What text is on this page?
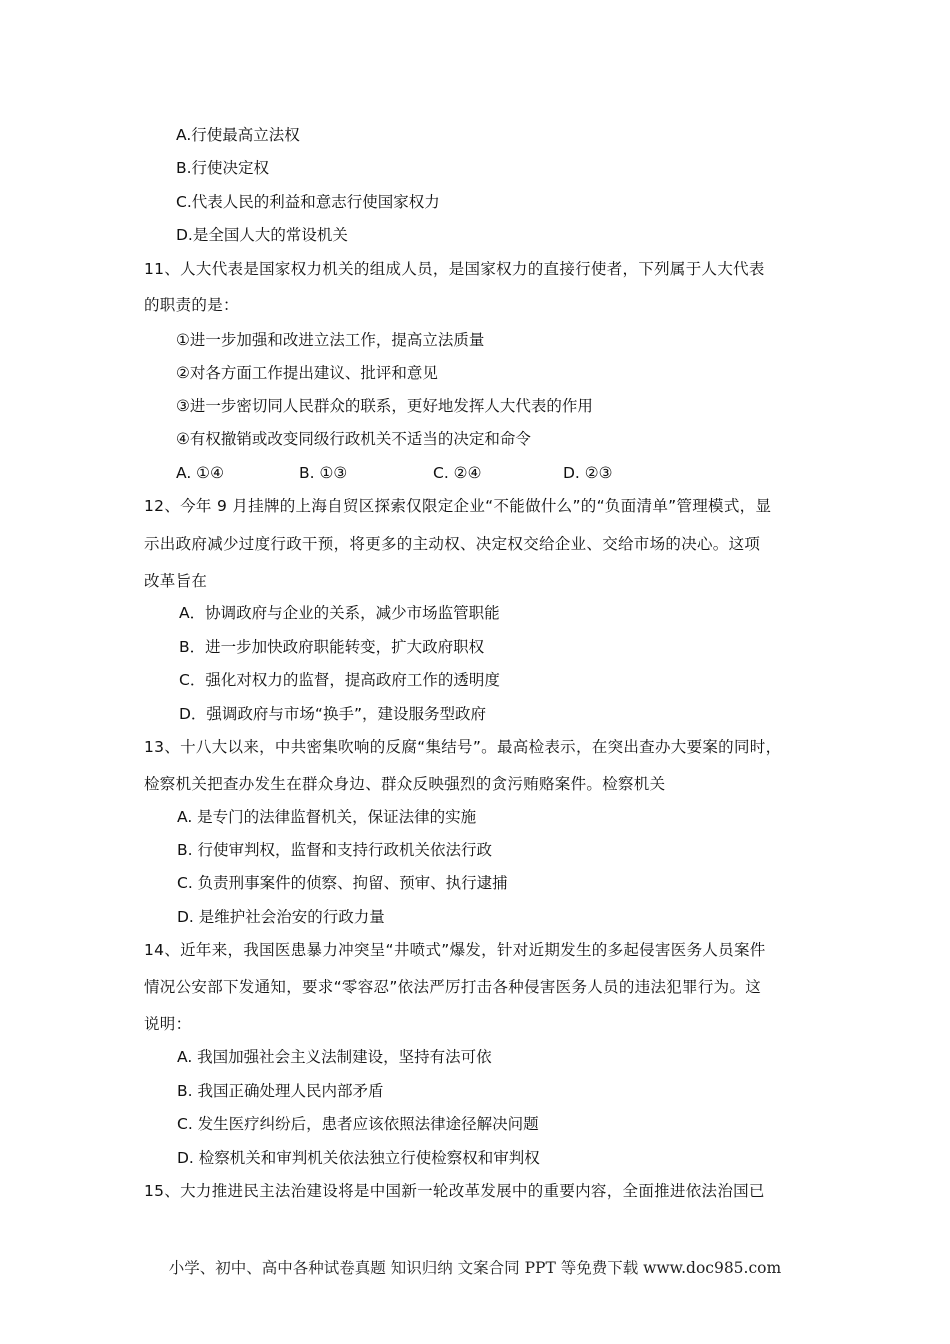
A.行使最高立法权
B.行使决定权
C.代表人民的利益和意志行使国家权力
D.是全国人大的常设机关
11、人大代表是国家权力机关的组成人员，是国家权力的直接行使者，下列属于人大代表
的职责的是：
①进一步加强和改进立法工作，提高立法质量
②对各方面工作提出建议、批评和意见
③进一步密切同人民群众的联系，更好地发挥人大代表的作用
④有权撤销或改变同级行政机关不适当的决定和命令
A. ①④	B. ①③	C. ②④	D. ②③
12、今年 9 月挂牌的上海自贸区探索仅限定企业“不能做什么”的“负面清单”管理模式，显
示出政府减少过度行政干预，将更多的主动权、决定权交给企业、交给市场的决心。这项
改革旨在
A．协调政府与企业的关系，减少市场监管职能
B．进一步加快政府职能转变，扩大政府职权
C．强化对权力的监督，提高政府工作的透明度
D．强调政府与市场“换手”，建设服务型政府
13、十八大以来，中共密集吹响的反腐“集结号”。最高检表示，在突出查办大要案的同时，
检察机关把查办发生在群众身边、群众反映强烈的贪污贿赂案件。检察机关
A. 是专门的法律监督机关，保证法律的实施
B. 行使审判权，监督和支持行政机关依法行政
C. 负责刑事案件的侦察、拘留、预审、执行逮捕
D. 是维护社会治安的行政力量
14、近年来，我国医患暴力冲突呈“井喷式”爆发，针对近期发生的多起侵害医务人员案件
情况公安部下发通知，要求“零容忍”依法严厉打击各种侵害医务人员的违法犯罪行为。这
说明：
A. 我国加强社会主义法制建设，坚持有法可依
B. 我国正确处理人民内部矛盾
C. 发生医疗纠纷后，患者应该依照法律途径解决问题
D. 检察机关和审判机关依法独立行使检察权和审判权
15、大力推进民主法治建设将是中国新一轮改革发展中的重要内容，全面推进依法治国已
小学、初中、高中各种试卷真题 知识归纳 文案合同 PPT 等免费下载 www.doc985.com
